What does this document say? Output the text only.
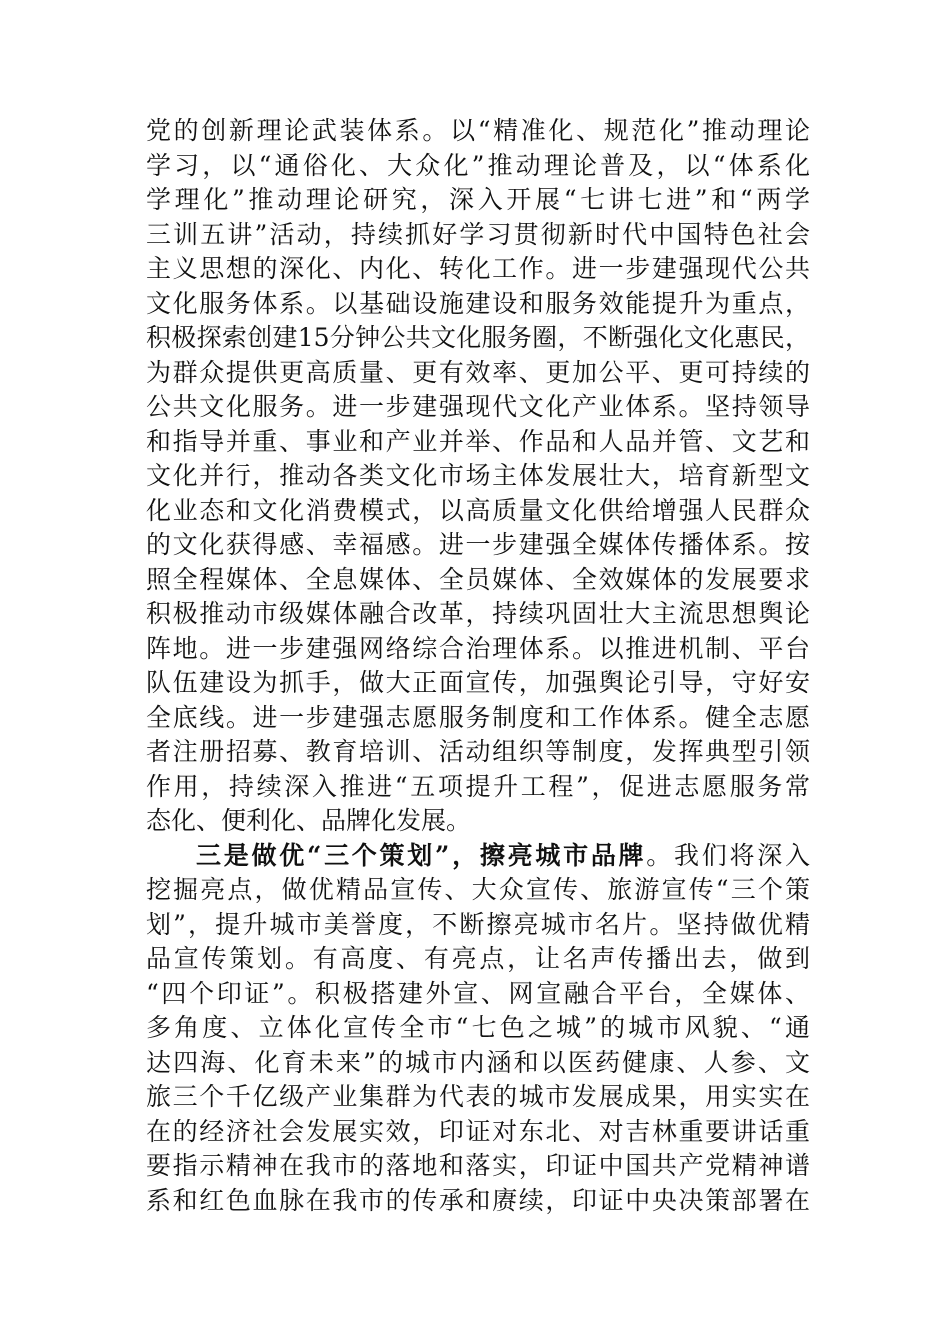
党的创新理论武装体系。以“精准化、规范化”推动理论
学习，以“通俗化、大众化”推动理论普及，以“体系化
学理化”推动理论研究，深入开展“七讲七进”和“两学
三训五讲”活动，持续抓好学习贯彻新时代中国特色社会
主义思想的深化、内化、转化工作。进一步建强现代公共
文化服务体系。以基础设施建设和服务效能提升为重点，
积极探索创建15分钟公共文化服务圈，不断强化文化惠民，
为群众提供更高质量、更有效率、更加公平、更可持续的
公共文化服务。进一步建强现代文化产业体系。坚持领导
和指导并重、事业和产业并举、作品和人品并管、文艺和
文化并行，推动各类文化市场主体发展壮大，培育新型文
化业态和文化消费模式，以高质量文化供给增强人民群众
的文化获得感、幸福感。进一步建强全媒体传播体系。按
照全程媒体、全息媒体、全员媒体、全效媒体的发展要求
积极推动市级媒体融合改革，持续巩固壮大主流思想舆论
阵地。进一步建强网络综合治理体系。以推进机制、平台
队伍建设为抓手，做大正面宣传，加强舆论引导，守好安
全底线。进一步建强志愿服务制度和工作体系。健全志愿
者注册招募、教育培训、活动组织等制度，发挥典型引领
作用，持续深入推进“五项提升工程”，促进志愿服务常
态化、便利化、品牌化发展。
三是做优“三个策划”，擦亮城市品牌。我们将深入
挖掘亮点，做优精品宣传、大众宣传、旅游宣传“三个策
划”，提升城市美誉度，不断擦亮城市名片。坚持做优精
品宣传策划。有高度、有亮点，让名声传播出去，做到
“四个印证”。积极搭建外宣、网宣融合平台，全媒体、
多角度、立体化宣传全市“七色之城”的城市风貌、“通
达四海、化育未来”的城市内涵和以医药健康、人参、文
旅三个千亿级产业集群为代表的城市发展成果，用实实在
在的经济社会发展实效，印证对东北、对吉林重要讲话重
要指示精神在我市的落地和落实，印证中国共产党精神谱
系和红色血脉在我市的传承和赓续，印证中央决策部署在
